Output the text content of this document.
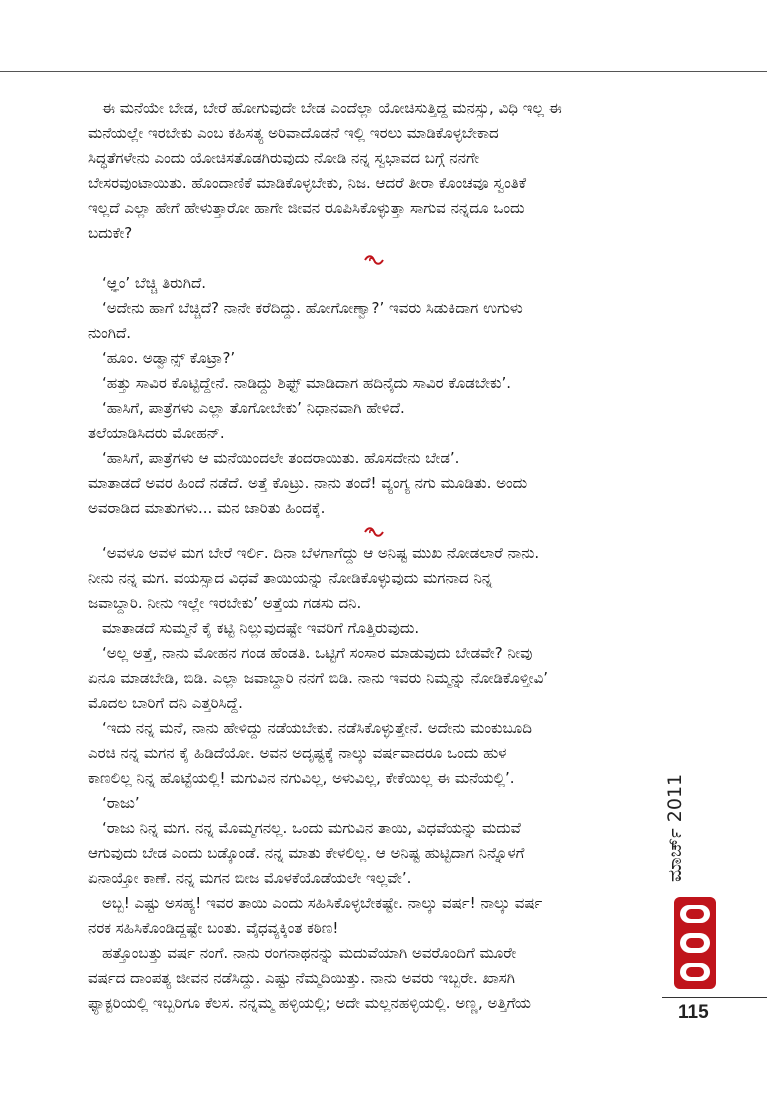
ಈ ಮನೆಯೇ ಬೇಡ, ಬೇರೆ ಹೋಗುವುದೇ ಬೇಡ ಎಂದೆಲ್ಲಾ ಯೋಚಿಸುತ್ತಿದ್ದ ಮನಸ್ಸು, ವಿಧಿ ಇಲ್ಲ ಈ
ಮನೆಯಲ್ಲೇ ಇರಬೇಕು ಎಂಬ ಕಹಿಸತ್ಯ ಅರಿವಾದೊಡನೆ ಇಲ್ಲಿ ಇರಲು ಮಾಡಿಕೊಳ್ಳಬೇಕಾದ
ಸಿದ್ಧತೆಗಳೇನು ಎಂದು ಯೋಚಿಸತೊಡಗಿರುವುದು ನೋಡಿ ನನ್ನ ಸ್ವಭಾವದ ಬಗ್ಗೆ ನನಗೇ
ಬೇಸರವುಂಟಾಯಿತು. ಹೊಂದಾಣಿಕೆ ಮಾಡಿಕೊಳ್ಳಬೇಕು, ನಿಜ. ಆದರೆ ತೀರಾ ಕೊಂಚವೂ ಸ್ವಂತಿಕೆ
ಇಲ್ಲದೆ ಎಲ್ಲಾ ಹೇಗೆ ಹೇಳುತ್ತಾರೋ ಹಾಗೇ ಜೀವನ ರೂಪಿಸಿಕೊಳ್ಳುತ್ತಾ ಸಾಗುವ ನನ್ನದೂ ಒಂದು
ಬದುಕೇ?
‘ಆ್ಞಂ’ ಬೆಚ್ಚಿ ತಿರುಗಿದೆ.
‘ಅದೇನು ಹಾಗೆ ಬೆಚ್ಚಿದೆ? ನಾನೇ ಕರೆದಿದ್ದು. ಹೋಗೋಣ್ವಾ?’ ಇವರು ಸಿಡುಕಿದಾಗ ಉಗುಳು
ನುಂಗಿದೆ.
‘ಹೂಂ. ಅಡ್ವಾನ್ಸ್ ಕೊಟ್ರಾ?’
‘ಹತ್ತು ಸಾವಿರ ಕೊಟ್ಟಿದ್ದೇನೆ. ನಾಡಿದ್ದು ಶಿಫ್ಟ್ ಮಾಡಿದಾಗ ಹದಿನೈದು ಸಾವಿರ ಕೊಡಬೇಕು’.
‘ಹಾಸಿಗೆ, ಪಾತ್ರೆಗಳು ಎಲ್ಲಾ ತೊಗೋಬೇಕು’ ನಿಧಾನವಾಗಿ ಹೇಳಿದೆ.
ತಲೆಯಾಡಿಸಿದರು ಮೋಹನ್.
‘ಹಾಸಿಗೆ, ಪಾತ್ರೆಗಳು ಆ ಮನೆಯಿಂದಲೇ ತಂದರಾಯಿತು. ಹೊಸದೇನು ಬೇಡ’.
ಮಾತಾಡದೆ ಅವರ ಹಿಂದೆ ನಡೆದೆ. ಅತ್ತೆ ಕೊಟ್ರು. ನಾನು ತಂದೆ! ವ್ಯಂಗ್ಯ ನಗು ಮೂಡಿತು. ಅಂದು
ಅವರಾಡಿದ ಮಾತುಗಳು... ಮನ ಜಾರಿತು ಹಿಂದಕ್ಕೆ.
‘ಅವಳೂ ಅವಳ ಮಗ ಬೇರೆ ಇರ್ಲಿ. ದಿನಾ ಬೆಳಗಾಗೆದ್ದು ಆ ಅನಿಷ್ಟ ಮುಖ ನೋಡಲಾರೆ ನಾನು.
ನೀನು ನನ್ನ ಮಗ. ವಯಸ್ಸಾದ ವಿಧವೆ ತಾಯಿಯನ್ನು ನೋಡಿಕೊಳ್ಳುವುದು ಮಗನಾದ ನಿನ್ನ
ಜವಾಬ್ದಾರಿ. ನೀನು ಇಲ್ಲೇ ಇರಬೇಕು’ ಅತ್ತೆಯ ಗಡಸು ದನಿ.
ಮಾತಾಡದೆ ಸುಮ್ಮನೆ ಕೈ ಕಟ್ಟಿ ನಿಲ್ಲುವುದಷ್ಟೇ ಇವರಿಗೆ ಗೊತ್ತಿರುವುದು.
‘ಅಲ್ಲ ಅತ್ತೆ, ನಾನು ಮೋಹನ ಗಂಡ ಹೆಂಡತಿ. ಒಟ್ಟಿಗೆ ಸಂಸಾರ ಮಾಡುವುದು ಬೇಡವೇ? ನೀವು
ಏನೂ ಮಾಡಬೇಡಿ, ಬಿಡಿ. ಎಲ್ಲಾ ಜವಾಬ್ದಾರಿ ನನಗೆ ಬಿಡಿ. ನಾನು ಇವರು ನಿಮ್ಮನ್ನು ನೋಡಿಕೊಳ್ತೀವಿ’
ಮೊದಲ ಬಾರಿಗೆ ದನಿ ಎತ್ತರಿಸಿದ್ದೆ.
‘ಇದು ನನ್ನ ಮನೆ, ನಾನು ಹೇಳಿದ್ದು ನಡೆಯಬೇಕು. ನಡೆಸಿಕೊಳ್ಳುತ್ತೇನೆ. ಅದೇನು ಮಂಕುಬೂದಿ
ಎರಚಿ ನನ್ನ ಮಗನ ಕೈ ಹಿಡಿದೆಯೋ. ಅವನ ಅದೃಷ್ಟಕ್ಕೆ ನಾಲ್ಕು ವರ್ಷವಾದರೂ ಒಂದು ಹುಳ
ಕಾಣಲಿಲ್ಲ ನಿನ್ನ ಹೊಟ್ಟೆಯಲ್ಲಿ! ಮಗುವಿನ ನಗುವಿಲ್ಲ, ಅಳುವಿಲ್ಲ, ಕೇಕೆಯಿಲ್ಲ ಈ ಮನೆಯಲ್ಲಿ’.
‘ರಾಜು’
‘ರಾಜು ನಿನ್ನ ಮಗ. ನನ್ನ ಮೊಮ್ಮಗನಲ್ಲ. ಒಂದು ಮಗುವಿನ ತಾಯಿ, ವಿಧವೆಯನ್ನು ಮದುವೆ
ಆಗುವುದು ಬೇಡ ಎಂದು ಬಡ್ಕೊಂಡೆ. ನನ್ನ ಮಾತು ಕೇಳಲಿಲ್ಲ. ಆ ಅನಿಷ್ಟ ಹುಟ್ಟಿದಾಗ ನಿನ್ನೊಳಗೆ
ಏನಾಯ್ತೋ ಕಾಣೆ. ನನ್ನ ಮಗನ ಬೀಜ ಮೊಳಕೆಯೊಡೆಯಲೇ ಇಲ್ಲವೇ’.
ಅಬ್ಬ! ಎಷ್ಟು ಅಸಹ್ಯ! ಇವರ ತಾಯಿ ಎಂದು ಸಹಿಸಿಕೊಳ್ಳಬೇಕಷ್ಟೇ. ನಾಲ್ಕು ವರ್ಷ! ನಾಲ್ಕು ವರ್ಷ
ನರಕ ಸಹಿಸಿಕೊಂಡಿದ್ದಷ್ಟೇ ಬಂತು. ವೈಧವ್ಯಕ್ಕಿಂತ ಕಠಿಣ!
ಹತ್ತೊಂಬತ್ತು ವರ್ಷ ನಂಗೆ. ನಾನು ರಂಗನಾಥನನ್ನು ಮದುವೆಯಾಗಿ ಅವರೊಂದಿಗೆ ಮೂರೇ
ವರ್ಷದ ದಾಂಪತ್ಯ ಜೀವನ ನಡೆಸಿದ್ದು. ಎಷ್ಟು ನೆಮ್ಮದಿಯಿತ್ತು. ನಾನು ಅವರು ಇಬ್ಬರೇ. ಖಾಸಗಿ
ಫ್ಯಾಕ್ಟರಿಯಲ್ಲಿ ಇಬ್ಬರಿಗೂ ಕೆಲಸ. ನನ್ನಮ್ಮ ಹಳ್ಳಿಯಲ್ಲಿ; ಅದೇ ಮಲ್ಲನಹಳ್ಳಿಯಲ್ಲಿ. ಅಣ್ಣ, ಅತ್ತಿಗೆಯ
ಮಾರ್ಚ್ 2011
115
